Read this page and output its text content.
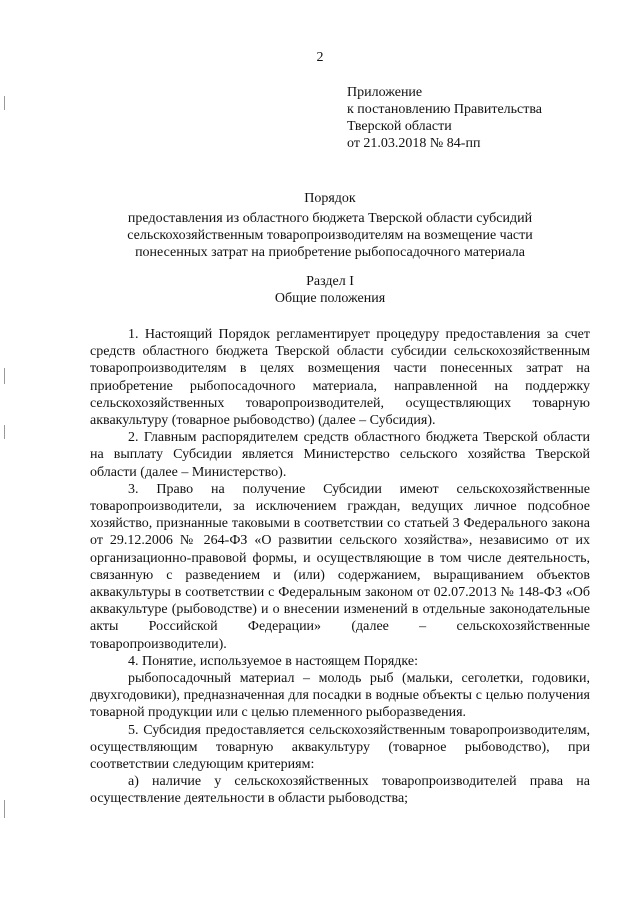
2
Приложение
к постановлению Правительства
Тверской области
от 21.03.2018 № 84-пп
Порядок
предоставления из областного бюджета Тверской области субсидий сельскохозяйственным товаропроизводителям на возмещение части понесенных затрат на приобретение рыбопосадочного материала
Раздел I
Общие положения

1. Настоящий Порядок регламентирует процедуру предоставления за счет средств областного бюджета Тверской области субсидии сельскохозяйственным товаропроизводителям в целях возмещения части понесенных затрат на приобретение рыбопосадочного материала, направленной на поддержку сельскохозяйственных товаропроизводителей, осуществляющих товарную аквакультуру (товарное рыбоводство) (далее – Субсидия).

2. Главным распорядителем средств областного бюджета Тверской области на выплату Субсидии является Министерство сельского хозяйства Тверской области (далее – Министерство).

3. Право на получение Субсидии имеют сельскохозяйственные товаропроизводители, за исключением граждан, ведущих личное подсобное хозяйство, признанные таковыми в соответствии со статьей 3 Федерального закона от 29.12.2006 № 264-ФЗ «О развитии сельского хозяйства», независимо от их организационно-правовой формы, и осуществляющие в том числе деятельность, связанную с разведением и (или) содержанием, выращиванием объектов аквакультуры в соответствии с Федеральным законом от 02.07.2013 № 148-ФЗ «Об аквакультуре (рыбоводстве) и о внесении изменений в отдельные законодательные акты Российской Федерации» (далее – сельскохозяйственные товаропроизводители).

4. Понятие, используемое в настоящем Порядке:

рыбопосадочный материал – молодь рыб (мальки, сеголетки, годовики, двухгодовики), предназначенная для посадки в водные объекты с целью получения товарной продукции или с целью племенного рыборазведения.

5. Субсидия предоставляется сельскохозяйственным товаропроизводителям, осуществляющим товарную аквакультуру (товарное рыбоводство), при соответствии следующим критериям:

а) наличие у сельскохозяйственных товаропроизводителей права на осуществление деятельности в области рыбоводства;
